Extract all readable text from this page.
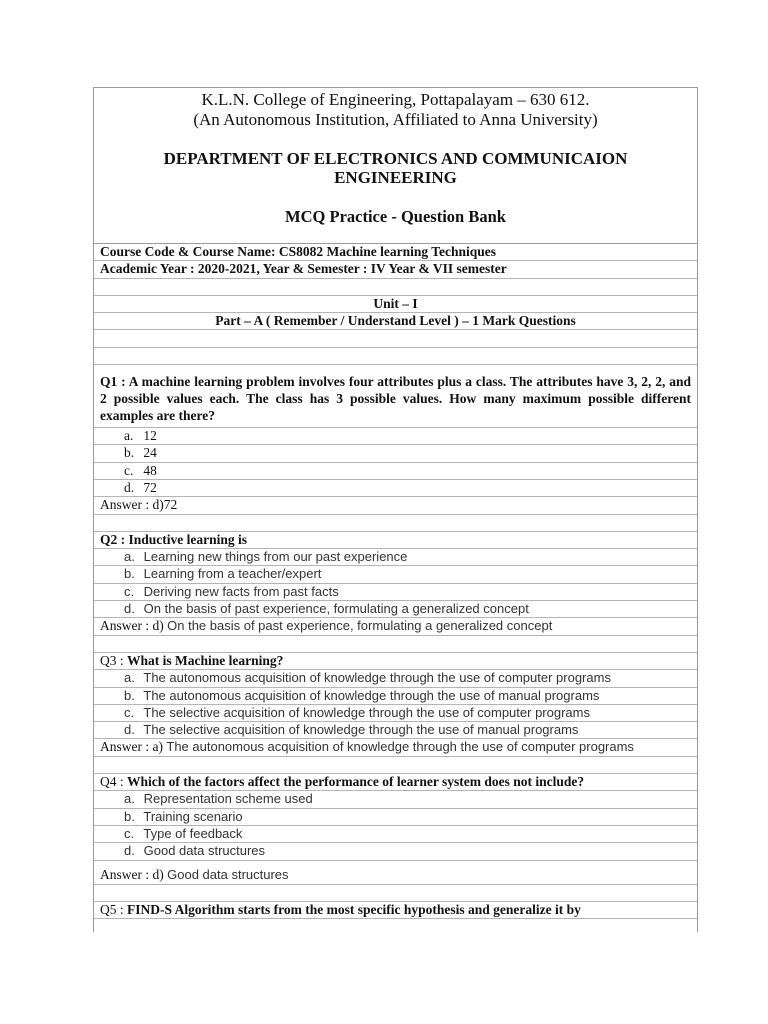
K.L.N. College of Engineering, Pottapalayam – 630 612.
(An Autonomous Institution, Affiliated to Anna University)
DEPARTMENT OF ELECTRONICS AND COMMUNICAION ENGINEERING
MCQ Practice - Question Bank
Course Code & Course Name: CS8082 Machine learning Techniques
Academic Year : 2020-2021, Year & Semester : IV Year & VII semester
Unit – I
Part – A ( Remember / Understand Level ) – 1 Mark Questions
Q1 : A machine learning problem involves four attributes plus a class. The attributes have 3, 2, 2, and 2 possible values each. The class has 3 possible values. How many maximum possible different examples are there?
a. 12
b. 24
c. 48
d. 72
Answer : d)72
Q2 : Inductive learning is
a. Learning new things from our past experience
b. Learning from a teacher/expert
c. Deriving new facts from past facts
d. On the basis of past experience, formulating a generalized concept
Answer : d) On the basis of past experience, formulating a generalized concept
Q3 : What is Machine learning?
a. The autonomous acquisition of knowledge through the use of computer programs
b. The autonomous acquisition of knowledge through the use of manual programs
c. The selective acquisition of knowledge through the use of computer programs
d. The selective acquisition of knowledge through the use of manual programs
Answer : a) The autonomous acquisition of knowledge through the use of computer programs
Q4 : Which of the factors affect the performance of learner system does not include?
a. Representation scheme used
b. Training scenario
c. Type of feedback
d. Good data structures
Answer : d) Good data structures
Q5 : FIND-S Algorithm starts from the most specific hypothesis and generalize it by
